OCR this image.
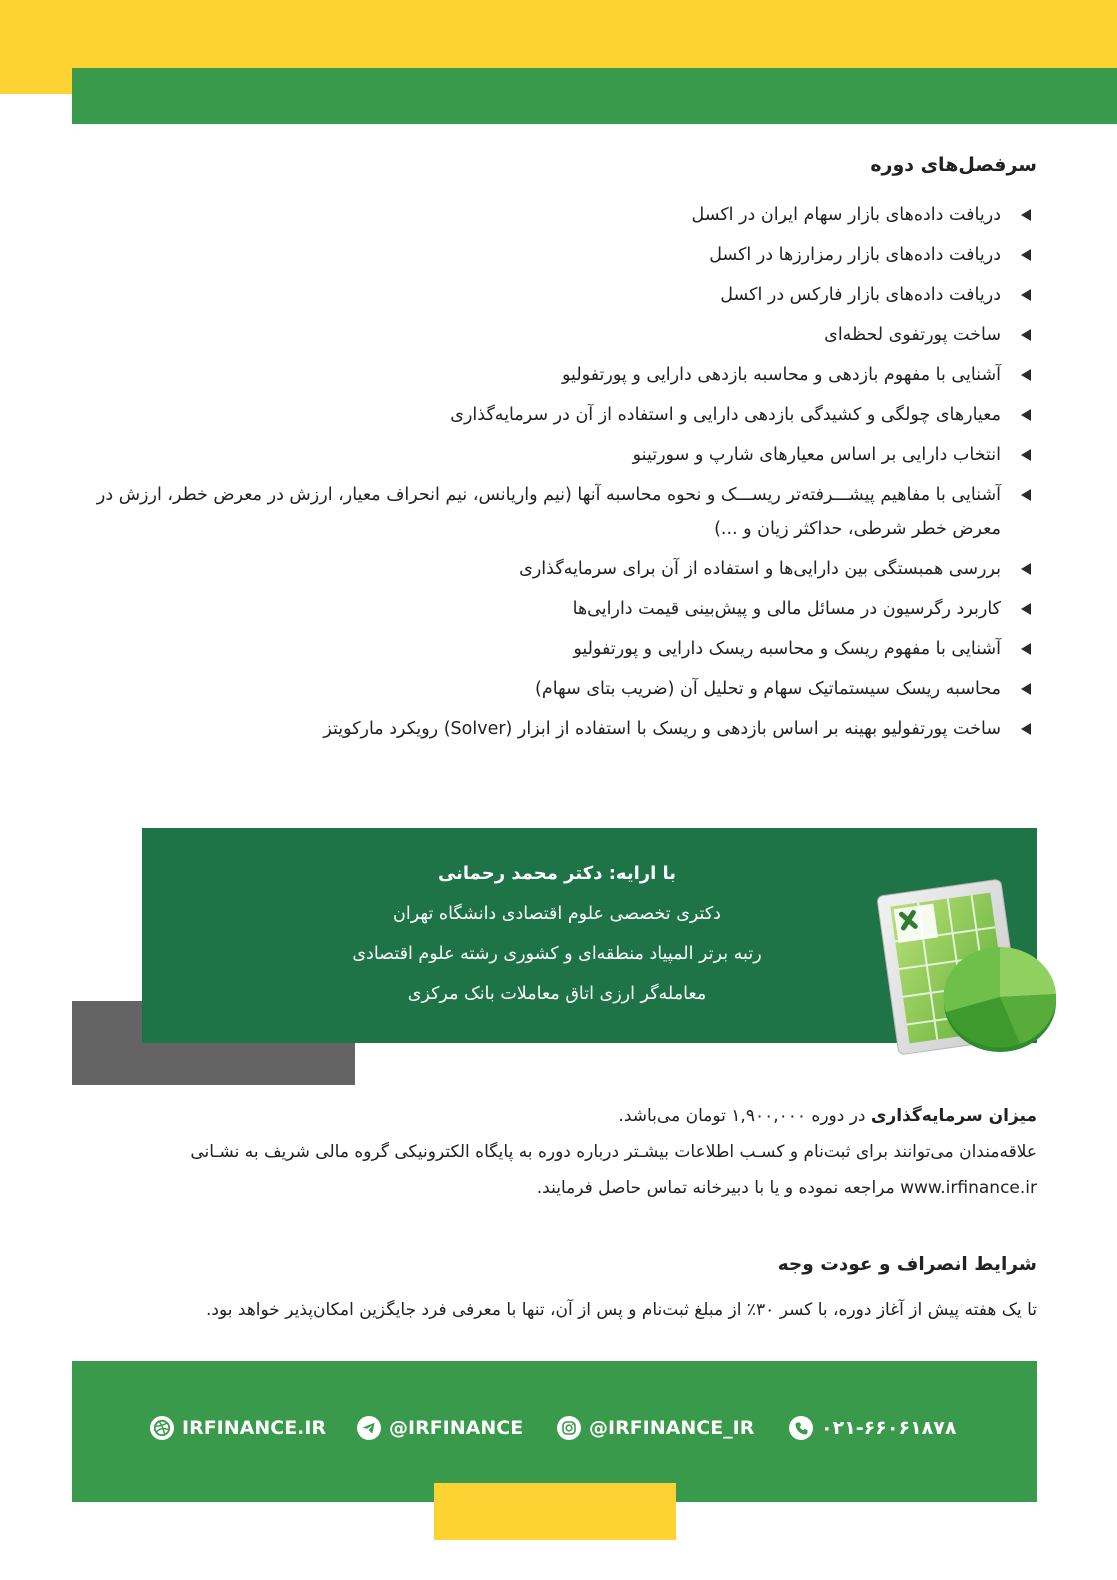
سرفصل‌های دوره
دریافت داده‌های بازار سهام ایران در اکسل
دریافت داده‌های بازار رمزارزها در اکسل
دریافت داده‌های بازار فارکس در اکسل
ساخت پورتفوی لحظه‌ای
آشنایی با مفهوم بازدهی و محاسبه بازدهی دارایی و پورتفولیو
معیارهای چولگی و کشیدگی بازدهی دارایی و استفاده از آن در سرمایه‌گذاری
انتخاب دارایی بر اساس معیارهای شارپ و سورتینو
آشنایی با مفاهیم پیشـــرفته‌تر ریســـک و نحوه محاسبه آنها (نیم واریانس، نیم انحراف معیار، ارزش در معرض خطر، ارزش در معرض خطر شرطی، حداکثر زیان و ...)
بررسی همبستگی بین دارایی‌ها و استفاده از آن برای سرمایه‌گذاری
کاربرد رگرسیون در مسائل مالی و پیش‌بینی قیمت دارایی‌ها
آشنایی با مفهوم ریسک و محاسبه ریسک دارایی و پورتفولیو
محاسبه ریسک سیستماتیک سهام و تحلیل آن (ضریب بتای سهام)
ساخت پورتفولیو بهینه بر اساس بازدهی و ریسک با استفاده از ابزار (Solver) رویکرد مارکویتز
با ارایه: دکتر محمد رحمانی
دکتری تخصصی علوم اقتصادی دانشگاه تهران
رتبه برتر المپیاد منطقه‌ای و کشوری رشته علوم اقتصادی
معامله‌گر ارزی اتاق معاملات بانک مرکزی
میزان سرمایه‌گذاری در دوره ۱,۹۰۰,۰۰۰ تومان می‌باشد.
علاقه‌مندان می‌توانند برای ثبت‌نام و کسـب اطلاعات بیشـتر درباره دوره به پایگاه الکترونیکی گروه مالی شریف به نشـانی www.irfinance.ir مراجعه نموده و یا با دبیرخانه تماس حاصل فرمایند.
شرایط انصراف و عودت وجه

تا یک هفته پیش از آغاز دوره، با کسر ۳۰٪ از مبلغ ثبت‌نام و پس از آن، تنها با معرفی فرد جایگزین امکان‌پذیر خواهد بود.

IRFINANCE.IR	@IRFINANCE	@IRFINANCE_IR	۰۲۱-۶۶۰۶۱۸۷۸
